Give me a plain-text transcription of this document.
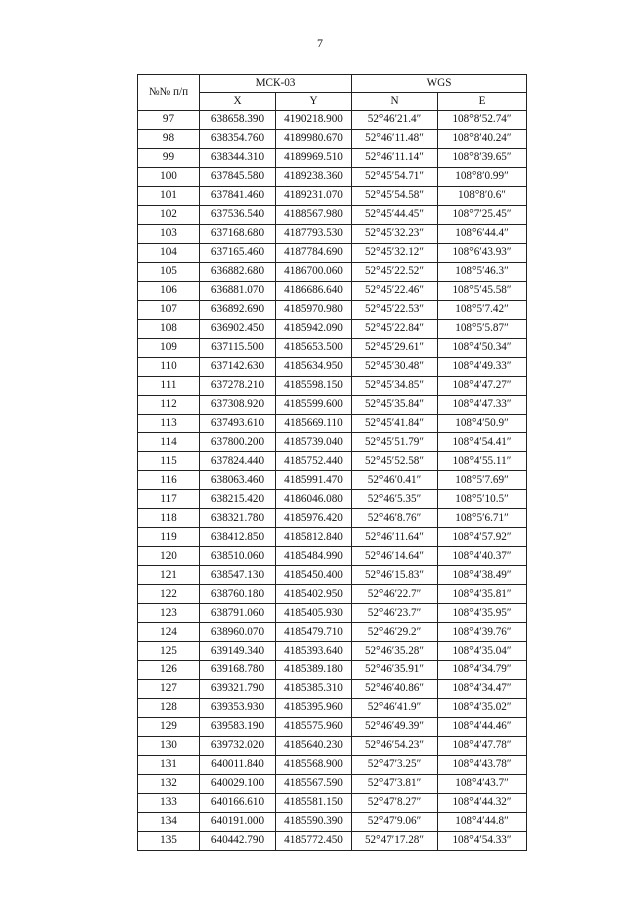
7
№№ п/п	МСК-03		WGS	
	X	Y	N	E
97	638658.390	4190218.900	52°46′21.4″	108°8′52.74″
98	638354.760	4189980.670	52°46′11.48″	108°8′40.24″
99	638344.310	4189969.510	52°46′11.14″	108°8′39.65″
100	637845.580	4189238.360	52°45′54.71″	108°8′0.99″
101	637841.460	4189231.070	52°45′54.58″	108°8′0.6″
102	637536.540	4188567.980	52°45′44.45″	108°7′25.45″
103	637168.680	4187793.530	52°45′32.23″	108°6′44.4″
104	637165.460	4187784.690	52°45′32.12″	108°6′43.93″
105	636882.680	4186700.060	52°45′22.52″	108°5′46.3″
106	636881.070	4186686.640	52°45′22.46″	108°5′45.58″
107	636892.690	4185970.980	52°45′22.53″	108°5′7.42″
108	636902.450	4185942.090	52°45′22.84″	108°5′5.87″
109	637115.500	4185653.500	52°45′29.61″	108°4′50.34″
110	637142.630	4185634.950	52°45′30.48″	108°4′49.33″
111	637278.210	4185598.150	52°45′34.85″	108°4′47.27″
112	637308.920	4185599.600	52°45′35.84″	108°4′47.33″
113	637493.610	4185669.110	52°45′41.84″	108°4′50.9″
114	637800.200	4185739.040	52°45′51.79″	108°4′54.41″
115	637824.440	4185752.440	52°45′52.58″	108°4′55.11″
116	638063.460	4185991.470	52°46′0.41″	108°5′7.69″
117	638215.420	4186046.080	52°46′5.35″	108°5′10.5″
118	638321.780	4185976.420	52°46′8.76″	108°5′6.71″
119	638412.850	4185812.840	52°46′11.64″	108°4′57.92″
120	638510.060	4185484.990	52°46′14.64″	108°4′40.37″
121	638547.130	4185450.400	52°46′15.83″	108°4′38.49″
122	638760.180	4185402.950	52°46′22.7″	108°4′35.81″
123	638791.060	4185405.930	52°46′23.7″	108°4′35.95″
124	638960.070	4185479.710	52°46′29.2″	108°4′39.76″
125	639149.340	4185393.640	52°46′35.28″	108°4′35.04″
126	639168.780	4185389.180	52°46′35.91″	108°4′34.79″
127	639321.790	4185385.310	52°46′40.86″	108°4′34.47″
128	639353.930	4185395.960	52°46′41.9″	108°4′35.02″
129	639583.190	4185575.960	52°46′49.39″	108°4′44.46″
130	639732.020	4185640.230	52°46′54.23″	108°4′47.78″
131	640011.840	4185568.900	52°47′3.25″	108°4′43.78″
132	640029.100	4185567.590	52°47′3.81″	108°4′43.7″
133	640166.610	4185581.150	52°47′8.27″	108°4′44.32″
134	640191.000	4185590.390	52°47′9.06″	108°4′44.8″
135	640442.790	4185772.450	52°47′17.28″	108°4′54.33″
